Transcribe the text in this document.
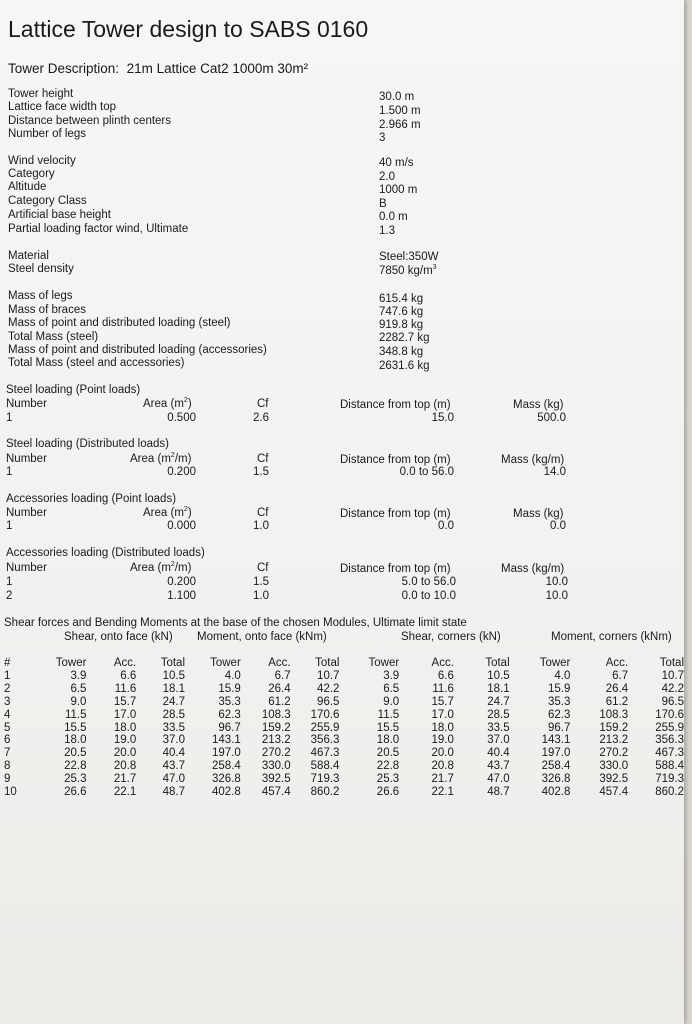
Lattice Tower design to SABS 0160
Tower Description: 21m Lattice Cat2 1000m 30m²
Tower height	30.0 m
Lattice face width top	1.500 m
Distance between plinth centers	2.966 m
Number of legs	3
Wind velocity	40 m/s
Category	2.0
Altitude	1000 m
Category Class	B
Artificial base height	0.0 m
Partial loading factor wind, Ultimate	1.3
Material	Steel:350W
Steel density	7850 $kg/m^3$
Mass of legs	615.4 kg
Mass of braces	747.6 kg
Mass of point and distributed loading (steel)	919.8 kg
Total Mass (steel)	2282.7 kg
Mass of point and distributed loading (accessories)	348.8 kg
Total Mass (steel and accessories)	2631.6 kg
Steel loading (Point loads)
Number	Area $(m^2)$	Cf	Distance from top (m)	Mass (kg)
1	0.500	2.6	15.0	500.0
Steel loading (Distributed loads)
Number	Area $(m^2/m)$	Cf	Distance from top (m)	Mass (kg/m)
1	0.200	1.5	0.0 to 56.0	14.0
Accessories loading (Point loads)
Number	Area $(m^2)$	Cf	Distance from top (m)	Mass (kg)
1	0.000	1.0	0.0	0.0
Accessories loading (Distributed loads)
Number	Area $(m^2/m)$	Cf	Distance from top (m)	Mass (kg/m)
1	0.200	1.5	5.0 to 56.0	10.0
2	1.100	1.0	0.0 to 10.0	10.0
Shear forces and Bending Moments at the base of the chosen Modules, Ultimate limit state
Shear, onto face (kN) Moment, onto face (kNm)	Shear, corners (kN)	Moment, corners (kNm)
#	Tower	Acc.	Total	Tower	Acc.	Total	Tower	Acc.	Total	Tower	Acc.	Total
1	3.9	6.6	10.5	4.0	6.7	10.7	3.9	6.6	10.5	4.0	6.7	10.7
2	6.5	11.6	18.1	15.9	26.4	42.2	6.5	11.6	18.1	15.9	26.4	42.2
3	9.0	15.7	24.7	35.3	61.2	96.5	9.0	15.7	24.7	35.3	61.2	96.5
4	11.5	17.0	28.5	62.3	108.3	170.6	11.5	17.0	28.5	62.3	108.3	170.6
5	15.5	18.0	33.5	96.7	159.2	255.9	15.5	18.0	33.5	96.7	159.2	255.9
6	18.0	19.0	37.0	143.1	213.2	356.3	18.0	19.0	37.0	143.1	213.2	356.3
7	20.5	20.0	40.4	197.0	270.2	467.3	20.5	20.0	40.4	197.0	270.2	467.3
8	22.8	20.8	43.7	258.4	330.0	588.4	22.8	20.8	43.7	258.4	330.0	588.4
9	25.3	21.7	47.0	326.8	392.5	719.3	25.3	21.7	47.0	326.8	392.5	719.3
10	26.6	22.1	48.7	402.8	457.4	860.2	26.6	22.1	48.7	402.8	457.4	860.2
